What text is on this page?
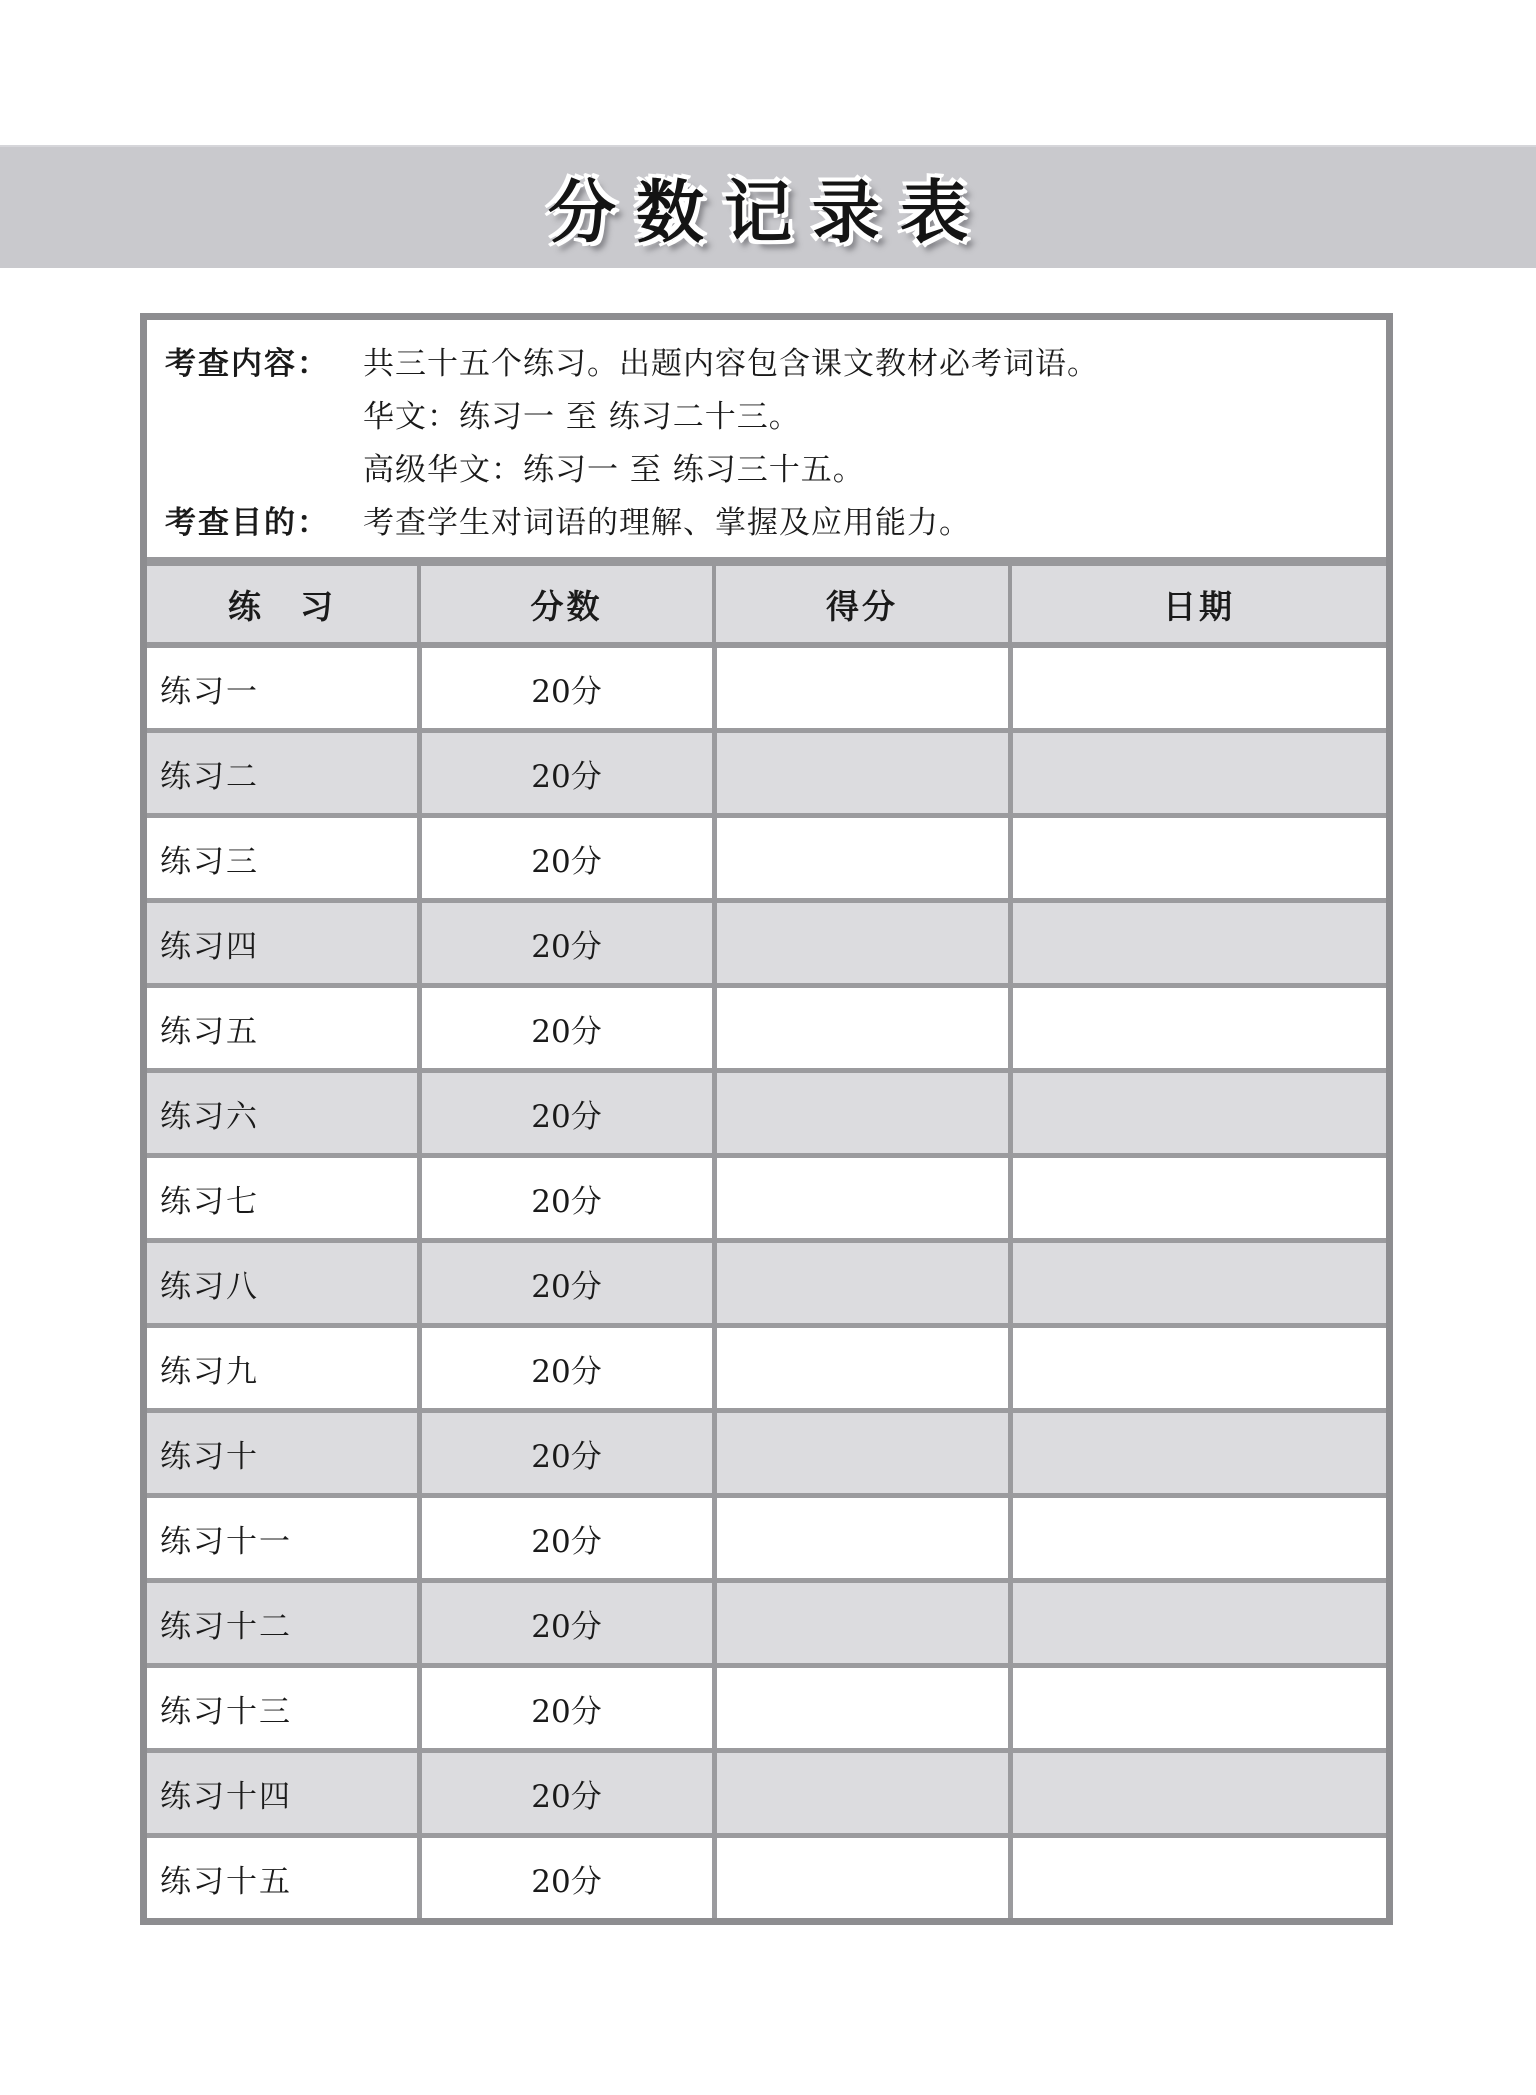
分数记录表
考查内容：	共三十五个练习。出题内容包含课文教材必考词语。
华文：练习一 至 练习二十三。
高级华文：练习一 至 练习三十五。
考查目的：	考查学生对词语的理解、掌握及应用能力。
练　习	分数	得分	日期
练习一	20分		
练习二	20分		
练习三	20分		
练习四	20分		
练习五	20分		
练习六	20分		
练习七	20分		
练习八	20分		
练习九	20分		
练习十	20分		
练习十一	20分		
练习十二	20分		
练习十三	20分		
练习十四	20分		
练习十五	20分		
